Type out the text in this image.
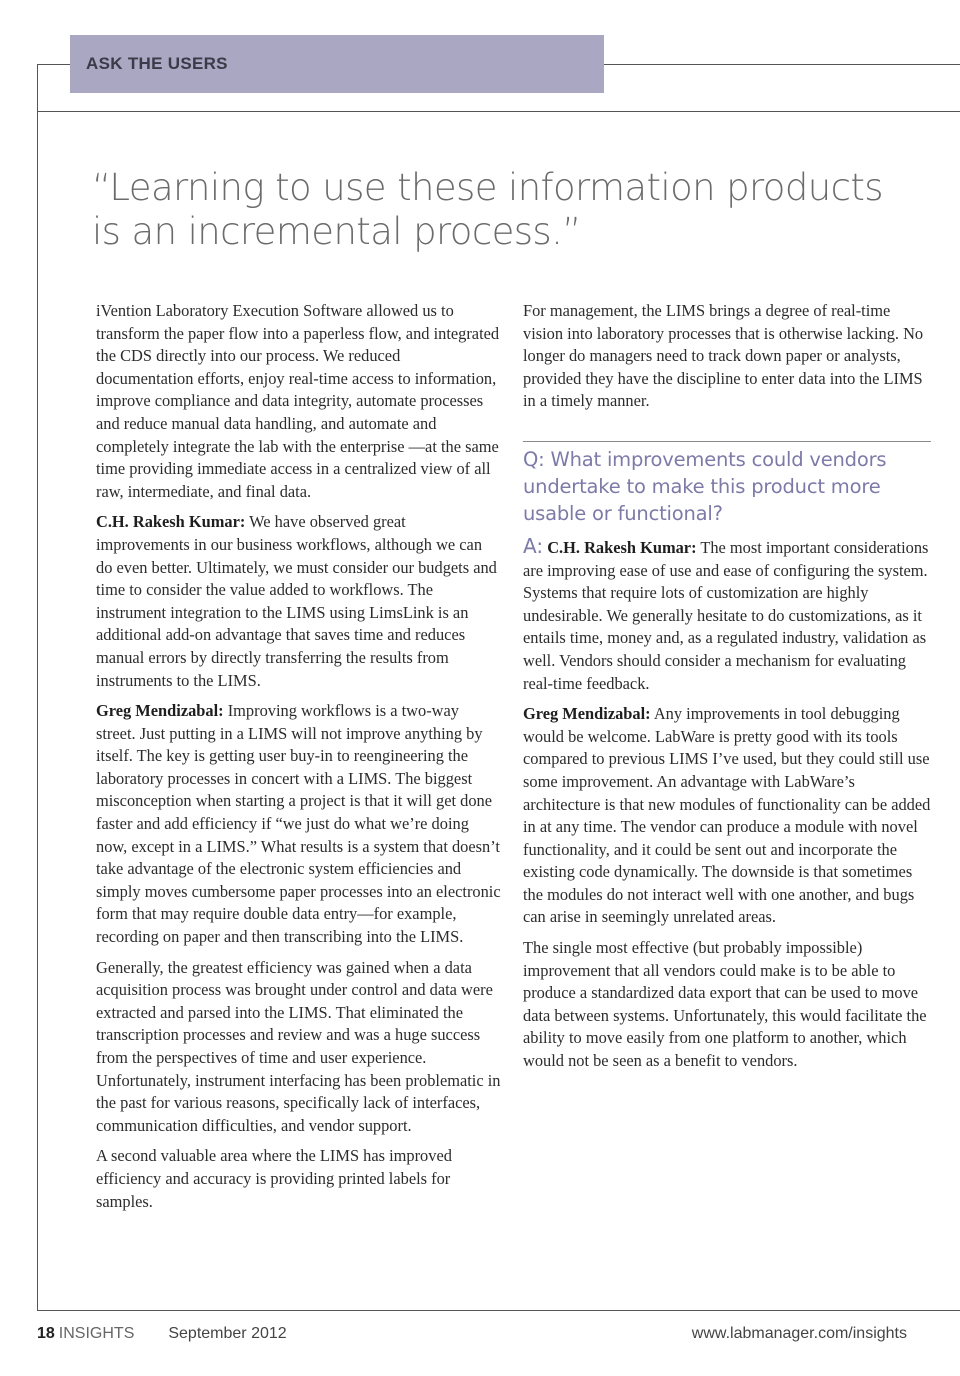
ASK THE USERS
“Learning to use these information products is an incremental process.”

iVention Laboratory Execution Software allowed us to transform the paper flow into a paperless flow, and integrated the CDS directly into our process. We reduced documentation efforts, enjoy real-time access to information, improve compliance and data integrity, automate processes and reduce manual data handling, and automate and completely integrate the lab with the enterprise —at the same time providing immediate access in a centralized view of all raw, intermediate, and final data.

C.H. Rakesh Kumar: We have observed great improvements in our business workflows, although we can do even better. Ultimately, we must consider our budgets and time to consider the value added to workflows. The instrument integration to the LIMS using LimsLink is an additional add-on advantage that saves time and reduces manual errors by directly transferring the results from instruments to the LIMS.

Greg Mendizabal: Improving workflows is a two-way street. Just putting in a LIMS will not improve anything by itself. The key is getting user buy-in to reengineering the laboratory processes in concert with a LIMS. The biggest misconception when starting a project is that it will get done faster and add efficiency if “we just do what we’re doing now, except in a LIMS.” What results is a system that doesn’t take advantage of the electronic system efficiencies and simply moves cumbersome paper processes into an electronic form that may require double data entry—for example, recording on paper and then transcribing into the LIMS.

Generally, the greatest efficiency was gained when a data acquisition process was brought under control and data were extracted and parsed into the LIMS. That eliminated the transcription processes and review and was a huge success from the perspectives of time and user experience. Unfortunately, instrument interfacing has been problematic in the past for various reasons, specifically lack of interfaces, communication difficulties, and vendor support.

A second valuable area where the LIMS has improved efficiency and accuracy is providing printed labels for samples.

For management, the LIMS brings a degree of real-time vision into laboratory processes that is otherwise lacking. No longer do managers need to track down paper or analysts, provided they have the discipline to enter data into the LIMS in a timely manner.

Q: What improvements could vendors undertake to make this product more usable or functional?

A: C.H. Rakesh Kumar: The most important considerations are improving ease of use and ease of configuring the system. Systems that require lots of customization are highly undesirable. We generally hesitate to do customizations, as it entails time, money and, as a regulated industry, validation as well. Vendors should consider a mechanism for evaluating real-time feedback.

Greg Mendizabal: Any improvements in tool debugging would be welcome. LabWare is pretty good with its tools compared to previous LIMS I’ve used, but they could still use some improvement. An advantage with LabWare’s architecture is that new modules of functionality can be added in at any time. The vendor can produce a module with novel functionality, and it could be sent out and incorporate the existing code dynamically. The downside is that sometimes the modules do not interact well with one another, and bugs can arise in seemingly unrelated areas.

The single most effective (but probably impossible) improvement that all vendors could make is to be able to produce a standardized data export that can be used to move data between systems. Unfortunately, this would facilitate the ability to move easily from one platform to another, which would not be seen as a benefit to vendors.

18 INSIGHTS September 2012	www.labmanager.com/insights
